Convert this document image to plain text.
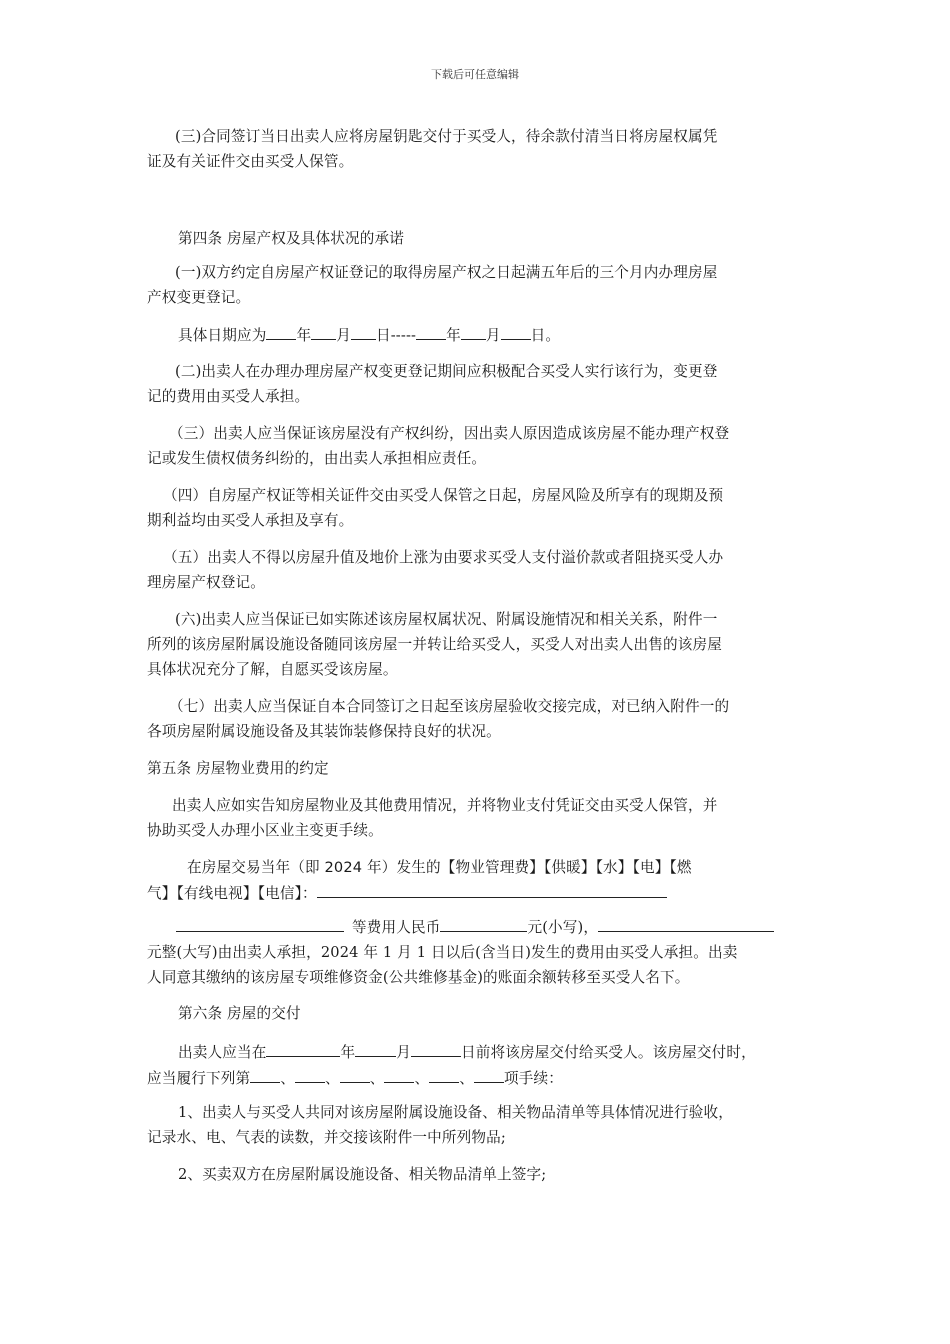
下载后可任意编辑
(三)合同签订当日出卖人应将房屋钥匙交付于买受人，待余款付清当日将房屋权属凭
证及有关证件交由买受人保管。
第四条 房屋产权及具体状况的承诺
(一)双方约定自房屋产权证登记的取得房屋产权之日起满五年后的三个月内办理房屋
产权变更登记。
具体日期应为 年 月 日----- 年 月 日。
(二)出卖人在办理办理房屋产权变更登记期间应积极配合买受人实行该行为，变更登
记的费用由买受人承担。
（三）出卖人应当保证该房屋没有产权纠纷，因出卖人原因造成该房屋不能办理产权登
记或发生债权债务纠纷的，由出卖人承担相应责任。
（四）自房屋产权证等相关证件交由买受人保管之日起，房屋风险及所享有的现期及预
期利益均由买受人承担及享有。
（五）出卖人不得以房屋升值及地价上涨为由要求买受人支付溢价款或者阻挠买受人办
理房屋产权登记。
(六)出卖人应当保证已如实陈述该房屋权属状况、附属设施情况和相关关系，附件一
所列的该房屋附属设施设备随同该房屋一并转让给买受人，买受人对出卖人出售的该房屋
具体状况充分了解，自愿买受该房屋。
（七）出卖人应当保证自本合同签订之日起至该房屋验收交接完成，对已纳入附件一的
各项房屋附属设施设备及其装饰装修保持良好的状况。
第五条 房屋物业费用的约定
出卖人应如实告知房屋物业及其他费用情况，并将物业支付凭证交由买受人保管，并
协助买受人办理小区业主变更手续。
在房屋交易当年（即 2024 年）发生的【物业管理费】【供暖】【水】【电】【燃
气】【有线电视】【电信】：
等费用人民币	元(小写)，
元整(大写)由出卖人承担，2024 年 1 月 1 日以后(含当日)发生的费用由买受人承担。出卖
人同意其缴纳的该房屋专项维修资金(公共维修基金)的账面余额转移至买受人名下。
第六条 房屋的交付
出卖人应当在	年	月	日前将该房屋交付给买受人。该房屋交付时，
应当履行下列第 、 、 、 、 、 项手续：
1、出卖人与买受人共同对该房屋附属设施设备、相关物品清单等具体情况进行验收，
记录水、电、气表的读数，并交接该附件一中所列物品;
2、买卖双方在房屋附属设施设备、相关物品清单上签字;
